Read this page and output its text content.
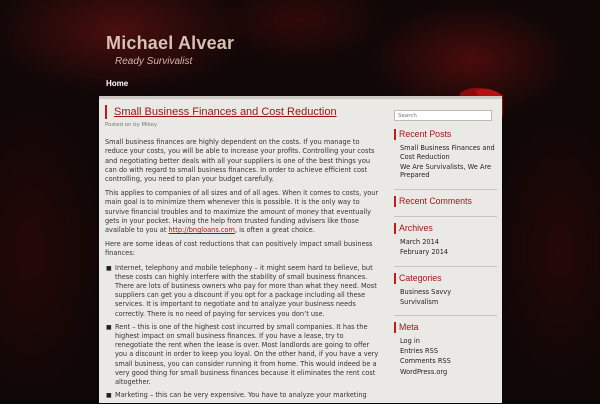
Michael Alvear
Ready Survivalist
Home
Small Business Finances and Cost Reduction
Posted on by Mikey

Small business finances are highly dependent on the costs. If you manage to reduce your costs, you will be able to increase your profits. Controlling your costs and negotiating better deals with all your suppliers is one of the best things you can do with regard to small business finances. In order to achieve efficient cost controlling, you need to plan your budget carefully.

This applies to companies of all sizes and of all ages. When it comes to costs, your main goal is to minimize them whenever this is possible. It is the only way to survive financial troubles and to maximize the amount of money that eventually gets in your pocket. Having the help from trusted funding advisers like those available to you at http://bngloans.com, is often a great choice.

Here are some ideas of cost reductions that can positively impact small business finances:

■ Internet, telephony and mobile telephony – it might seem hard to believe, but these costs can highly interfere with the stability of small business finances. There are lots of business owners who pay for more than what they need. Most suppliers can get you a discount if you opt for a package including all these services. It is important to negotiate and to analyze your business needs correctly. There is no need of paying for services you don’t use.
■ Rent – this is one of the highest cost incurred by small companies. It has the highest impact on small business finances. If you have a lease, try to renegotiate the rent when the lease is over. Most landlords are going to offer you a discount in order to keep you loyal. On the other hand, if you have a very small business, you can consider running it from home. This would indeed be a very good thing for small business finances because it eliminates the rent cost altogether.
■ Marketing – this can be very expensive. You have to analyze your marketing
Search
Recent Posts
Small Business Finances and Cost Reduction
We Are Survivalists, We Are Prepared
Recent Comments
Archives
March 2014
February 2014
Categories
Business Savvy
Survivalism
Meta
Log in
Entries RSS
Comments RSS
WordPress.org
